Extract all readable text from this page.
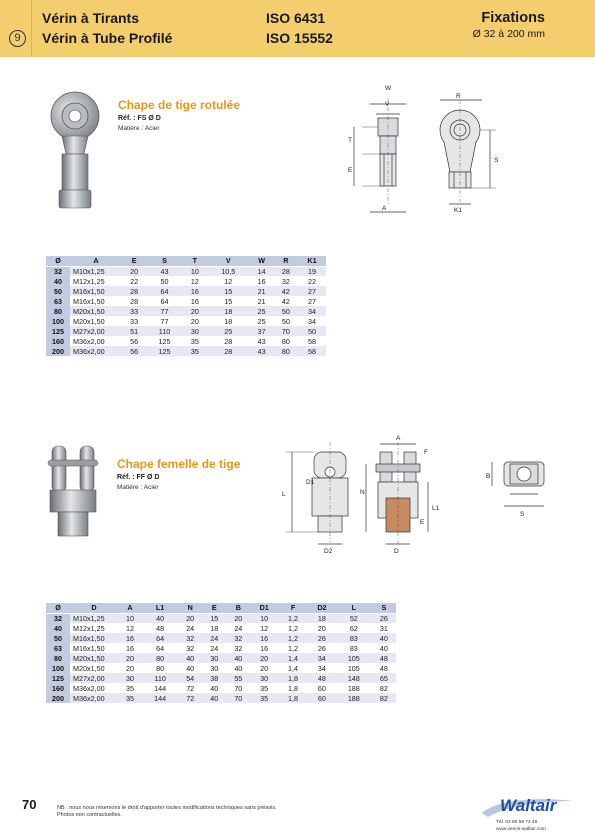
9
Vérin à Tirants
Vérin à Tube Profilé
ISO 6431
ISO 15552
Fixations
Ø 32 à 200 mm
Chape de tige rotulée
Réf. : FS Ø D
Matière : Acier
W
V
R
T
E
S
A	K1
Ø	A	E	S	T	V	W	R	K1
32	M10x1,25	20	43	10	10,5	14	28	19
40	M12x1,25	22	50	12	12	16	32	22
50	M16x1,50	28	64	16	15	21	42	27
63	M16x1,50	28	64	16	15	21	42	27
80	M20x1,50	33	77	20	18	25	50	34
100	M20x1,50	33	77	20	18	25	50	34
125	M27x2,00	51	110	30	25	37	70	50
160	M36x2,00	56	125	35	28	43	80	58
200	M36x2,00	56	125	35	28	43	80	58
Chape femelle de tige
Réf. : FF Ø D
Matière : Acier
A
F
D1
L	N
L1
E
D2	D
B
S
Ø	D	A	L1	N	E	B	D1	F	D2	L	S
32	M10x1,25	10	40	20	15	20	10	1,2	18	52	26
40	M12x1,25	12	48	24	18	24	12	1,2	20	62	31
50	M16x1,50	16	64	32	24	32	16	1,2	26	83	40
63	M16x1,50	16	64	32	24	32	16	1,2	26	83	40
80	M20x1,50	20	80	40	30	40	20	1,4	34	105	48
100	M20x1,50	20	80	40	30	40	20	1,4	34	105	48
125	M27x2,00	30	110	54	38	55	30	1,8	48	148	65
160	M36x2,00	35	144	72	40	70	35	1,8	60	188	82
200	M36x2,00	35	144	72	40	70	35	1,8	60	188	82
70	NB : nous nous réservons le droit d'apporter toutes modifications techniques sans préavis.
Photos non contractuelles.	Waltair
Tél. 03 80 58 72 46
www.verins-waltair.com
